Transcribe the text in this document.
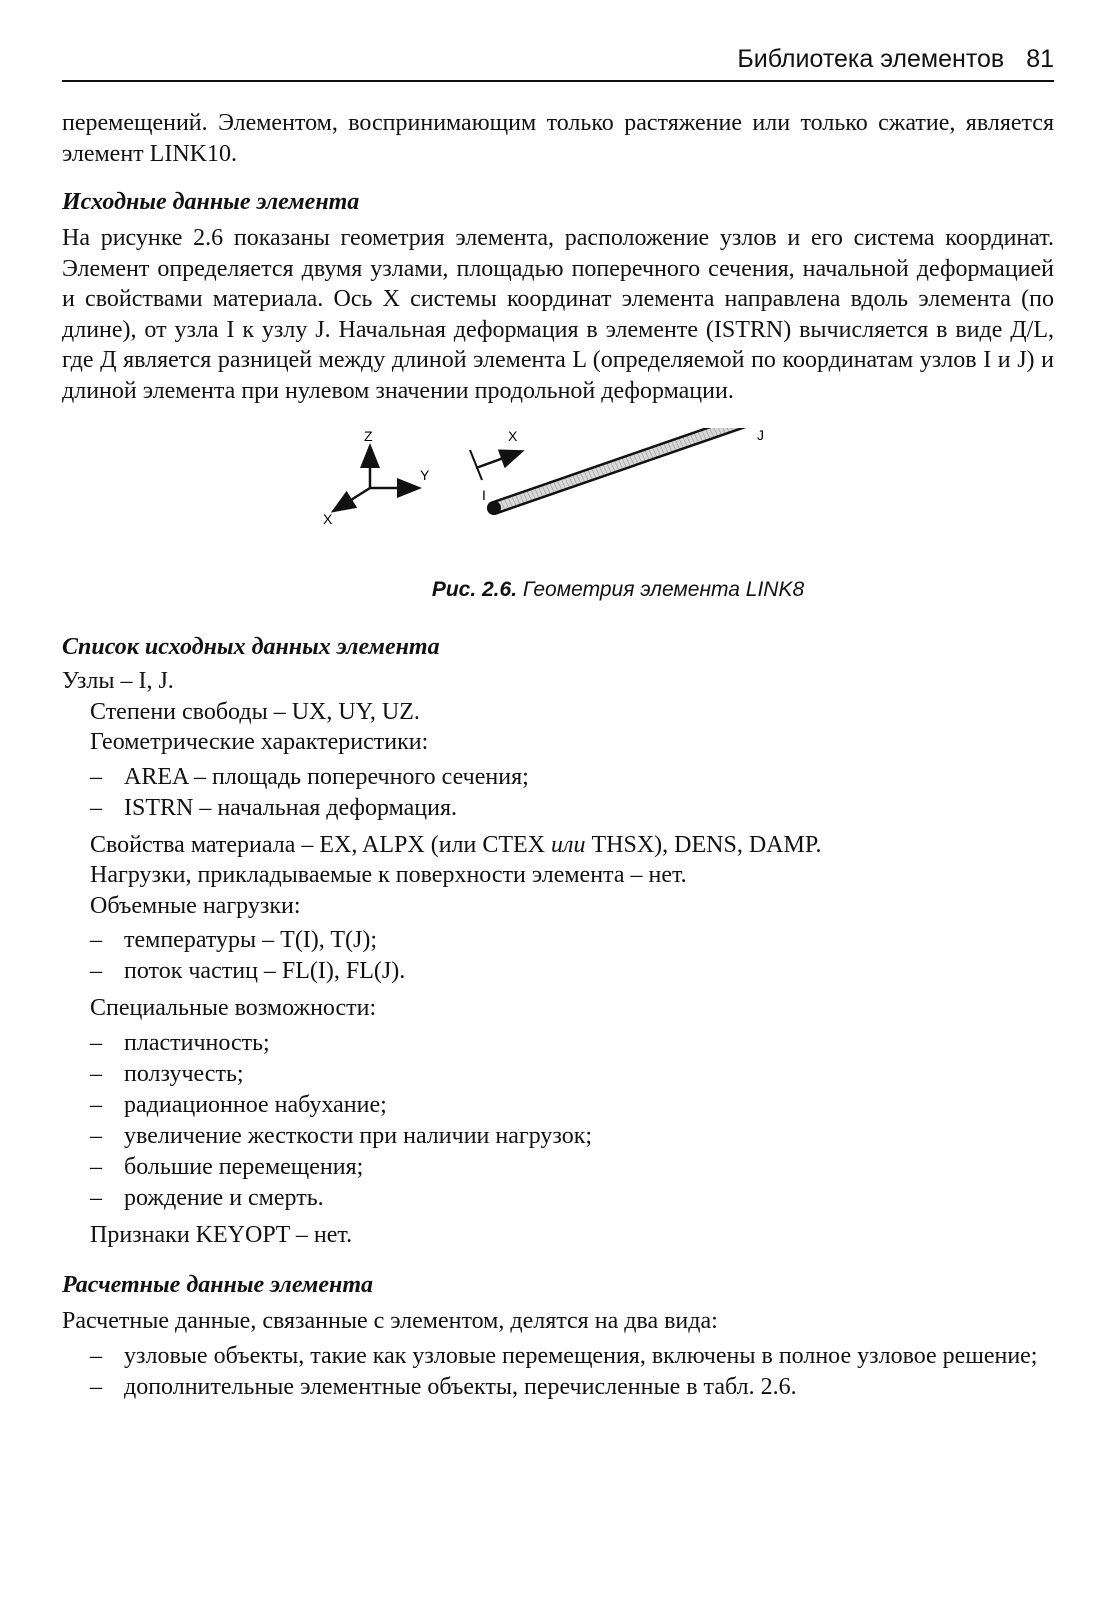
Библиотека элементов 81

перемещений. Элементом, воспринимающим только растяжение или только сжатие, является элемент LINK10.

Исходные данные элемента

На рисунке 2.6 показаны геометрия элемента, расположение узлов и его система координат. Элемент определяется двумя узлами, площадью поперечного сечения, начальной деформацией и свойствами материала. Ось X системы координат элемента направлена вдоль элемента (по длине), от узла I к узлу J. Начальная деформация в элементе (ISTRN) вычисляется в виде Д/L, где Д является разницей между длиной элемента L (определяемой по координатам узлов I и J) и длиной элемента при нулевом значении продольной деформации.

Z
Y
X
X
I
J
Рис. 2.6. Геометрия элемента LINK8
Список исходных данных элемента

Узлы – I, J.

Степени свободы – UX, UY, UZ.

Геометрические характеристики:

– AREA – площадь поперечного сечения;
– ISTRN – начальная деформация.

Свойства материала – EX, ALPX (или CTEX или THSX), DENS, DAMP.

Нагрузки, прикладываемые к поверхности элемента – нет.

Объемные нагрузки:

– температуры – T(I), T(J);
– поток частиц – FL(I), FL(J).

Специальные возможности:

– пластичность;
– ползучесть;
– радиационное набухание;
– увеличение жесткости при наличии нагрузок;
– большие перемещения;
– рождение и смерть.

Признаки KEYOPT – нет.

Расчетные данные элемента

Расчетные данные, связанные с элементом, делятся на два вида:

– узловые объекты, такие как узловые перемещения, включены в полное узловое решение;
– дополнительные элементные объекты, перечисленные в табл. 2.6.
